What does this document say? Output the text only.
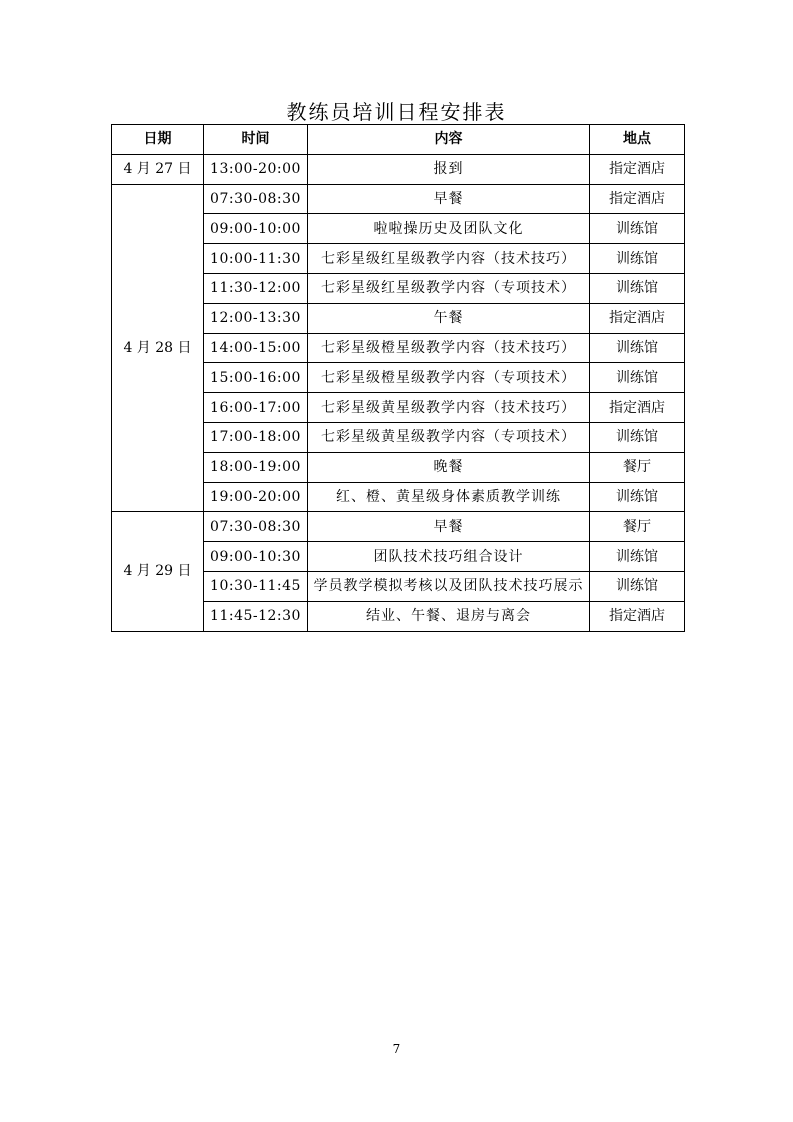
教练员培训日程安排表
日期	时间	内容	地点
4 月 27 日	13:00-20:00	报到	指定酒店
4 月 28 日	07:30-08:30	早餐	指定酒店
	09:00-10:00	啦啦操历史及团队文化	训练馆
	10:00-11:30	七彩星级红星级教学内容（技术技巧）	训练馆
	11:30-12:00	七彩星级红星级教学内容（专项技术）	训练馆
	12:00-13:30	午餐	指定酒店
	14:00-15:00	七彩星级橙星级教学内容（技术技巧）	训练馆
	15:00-16:00	七彩星级橙星级教学内容（专项技术）	训练馆
	16:00-17:00	七彩星级黄星级教学内容（技术技巧）	指定酒店
	17:00-18:00	七彩星级黄星级教学内容（专项技术）	训练馆
	18:00-19:00	晚餐	餐厅
	19:00-20:00	红、橙、黄星级身体素质教学训练	训练馆
4 月 29 日	07:30-08:30	早餐	餐厅
	09:00-10:30	团队技术技巧组合设计	训练馆
	10:30-11:45	学员教学模拟考核以及团队技术技巧展示	训练馆
	11:45-12:30	结业、午餐、退房与离会	指定酒店
7
